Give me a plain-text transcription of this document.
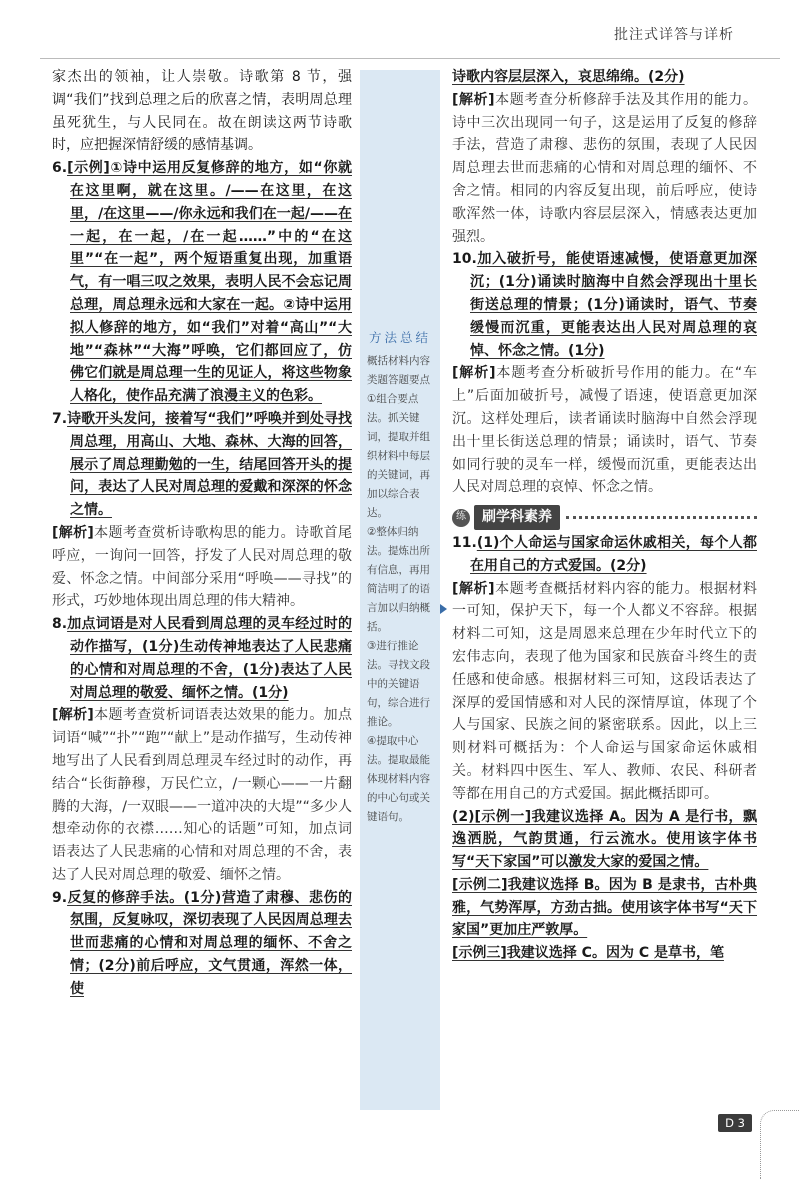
批注式详答与详析

家杰出的领袖，让人崇敬。诗歌第 8 节，强调“我们”找到总理之后的欣喜之情，表明周总理虽死犹生，与人民同在。故在朗读这两节诗歌时，应把握深情舒缓的感情基调。

6.[示例]①诗中运用反复修辞的地方，如“你就在这里啊，就在这里。/——在这里，在这里，/在这里——/你永远和我们在一起/——在一起，在一起，/在一起……”中的“在这里”“在一起”，两个短语重复出现，加重语气，有一唱三叹之效果，表明人民不会忘记周总理，周总理永远和大家在一起。②诗中运用拟人修辞的地方，如“我们”对着“高山”“大地”“森林”“大海”呼唤，它们都回应了，仿佛它们就是周总理一生的见证人，将这些物象人格化，使作品充满了浪漫主义的色彩。

7.诗歌开头发问，接着写“我们”呼唤并到处寻找周总理，用高山、大地、森林、大海的回答，展示了周总理勤勉的一生，结尾回答开头的提问，表达了人民对周总理的爱戴和深深的怀念之情。

[解析]本题考查赏析诗歌构思的能力。诗歌首尾呼应，一询问一回答，抒发了人民对周总理的敬爱、怀念之情。中间部分采用“呼唤——寻找”的形式，巧妙地体现出周总理的伟大精神。

8.加点词语是对人民看到周总理的灵车经过时的动作描写，(1分)生动传神地表达了人民悲痛的心情和对周总理的不舍，(1分)表达了人民对周总理的敬爱、缅怀之情。(1分)

[解析]本题考查赏析词语表达效果的能力。加点词语“喊”“扑”“跑”“献上”是动作描写，生动传神地写出了人民看到周总理灵车经过时的动作，再结合“长街静穆，万民伫立，/一颗心——一片翻腾的大海，/一双眼——一道冲决的大堤”“多少人想牵动你的衣襟……知心的话题”可知，加点词语表达了人民悲痛的心情和对周总理的不舍，表达了人民对周总理的敬爱、缅怀之情。

9.反复的修辞手法。(1分)营造了肃穆、悲伤的氛围，反复咏叹，深切表现了人民因周总理去世而悲痛的心情和对周总理的缅怀、不舍之情；(2分)前后呼应，文气贯通，浑然一体，使

方法总结
概括材料内容类题答题要点
①组合要点法。抓关键词，提取并组织材料中每层的关键词，再加以综合表达。
②整体归纳法。提炼出所有信息，再用简洁明了的语言加以归纳概括。
③进行推论法。寻找文段中的关键语句，综合进行推论。
④提取中心法。提取最能体现材料内容的中心句或关键语句。

诗歌内容层层深入，哀思绵绵。(2分)

[解析]本题考查分析修辞手法及其作用的能力。诗中三次出现同一句子，这是运用了反复的修辞手法，营造了肃穆、悲伤的氛围，表现了人民因周总理去世而悲痛的心情和对周总理的缅怀、不舍之情。相同的内容反复出现，前后呼应，使诗歌浑然一体，诗歌内容层层深入，情感表达更加强烈。

10.加入破折号，能使语速减慢，使语意更加深沉；(1分)诵读时脑海中自然会浮现出十里长街送总理的情景；(1分)诵读时，语气、节奏缓慢而沉重，更能表达出人民对周总理的哀悼、怀念之情。(1分)

[解析]本题考查分析破折号作用的能力。在“车上”后面加破折号，减慢了语速，使语意更加深沉。这样处理后，读者诵读时脑海中自然会浮现出十里长街送总理的情景；诵读时，语气、节奏如同行驶的灵车一样，缓慢而沉重，更能表达出人民对周总理的哀悼、怀念之情。

练	刷学科素养

11.(1)个人命运与国家命运休戚相关，每个人都在用自己的方式爱国。(2分)

[解析]本题考查概括材料内容的能力。根据材料一可知，保护天下，每一个人都义不容辞。根据材料二可知，这是周恩来总理在少年时代立下的宏伟志向，表现了他为国家和民族奋斗终生的责任感和使命感。根据材料三可知，这段话表达了深厚的爱国情感和对人民的深情厚谊，体现了个人与国家、民族之间的紧密联系。因此，以上三则材料可概括为：个人命运与国家命运休戚相关。材料四中医生、军人、教师、农民、科研者等都在用自己的方式爱国。据此概括即可。

(2)[示例一]我建议选择 A。因为 A 是行书，飘逸洒脱，气韵贯通，行云流水。使用该字体书写“天下家国”可以激发大家的爱国之情。

[示例二]我建议选择 B。因为 B 是隶书，古朴典雅，气势浑厚，方劲古拙。使用该字体书写“天下家国”更加庄严敦厚。

[示例三]我建议选择 C。因为 C 是草书，笔

D 3
